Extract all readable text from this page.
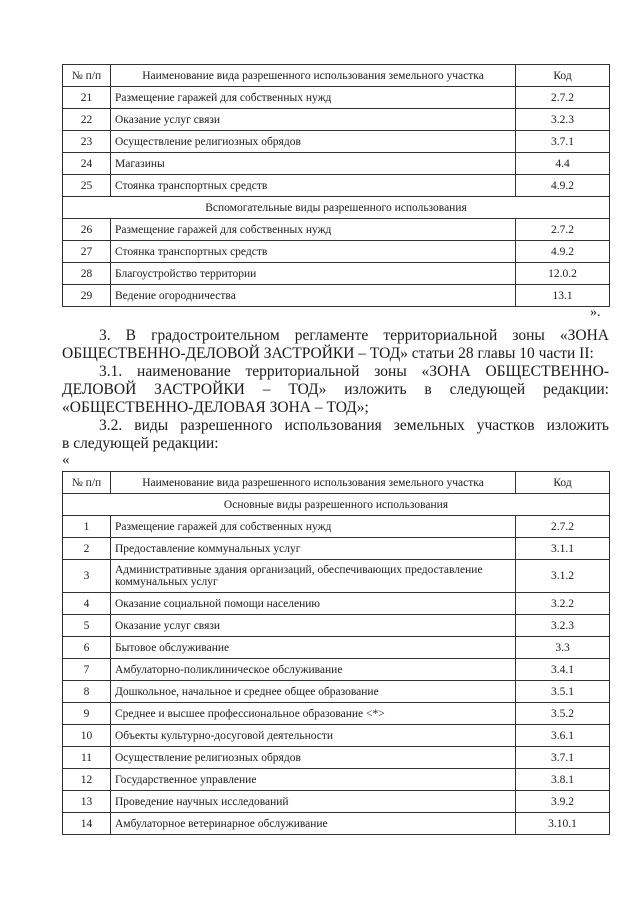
№ п/п	Наименование вида разрешенного использования земельного участка	Код
21	Размещение гаражей для собственных нужд	2.7.2
22	Оказание услуг связи	3.2.3
23	Осуществление религиозных обрядов	3.7.1
24	Магазины	4.4
25	Стоянка транспортных средств	4.9.2
Вспомогательные виды разрешенного использования		
26	Размещение гаражей для собственных нужд	2.7.2
27	Стоянка транспортных средств	4.9.2
28	Благоустройство территории	12.0.2
29	Ведение огородничества	13.1
».
3. В градостроительном регламенте территориальной зоны «ЗОНА
ОБЩЕСТВЕННО-ДЕЛОВОЙ ЗАСТРОЙКИ – ТОД» статьи 28 главы 10 части II:
3.1. наименование территориальной зоны «ЗОНА ОБЩЕСТВЕННО-
ДЕЛОВОЙ ЗАСТРОЙКИ – ТОД» изложить в следующей редакции:
«ОБЩЕСТВЕННО-ДЕЛОВАЯ ЗОНА – ТОД»;
3.2. виды разрешенного использования земельных участков изложить
в следующей редакции:
«
№ п/п	Наименование вида разрешенного использования земельного участка	Код
Основные виды разрешенного использования		
1	Размещение гаражей для собственных нужд	2.7.2
2	Предоставление коммунальных услуг	3.1.1
3	Административные здания организаций, обеспечивающих предоставление коммунальных услуг	3.1.2
4	Оказание социальной помощи населению	3.2.2
5	Оказание услуг связи	3.2.3
6	Бытовое обслуживание	3.3
7	Амбулаторно-поликлиническое обслуживание	3.4.1
8	Дошкольное, начальное и среднее общее образование	3.5.1
9	Среднее и высшее профессиональное образование <*>	3.5.2
10	Объекты культурно-досуговой деятельности	3.6.1
11	Осуществление религиозных обрядов	3.7.1
12	Государственное управление	3.8.1
13	Проведение научных исследований	3.9.2
14	Амбулаторное ветеринарное обслуживание	3.10.1
